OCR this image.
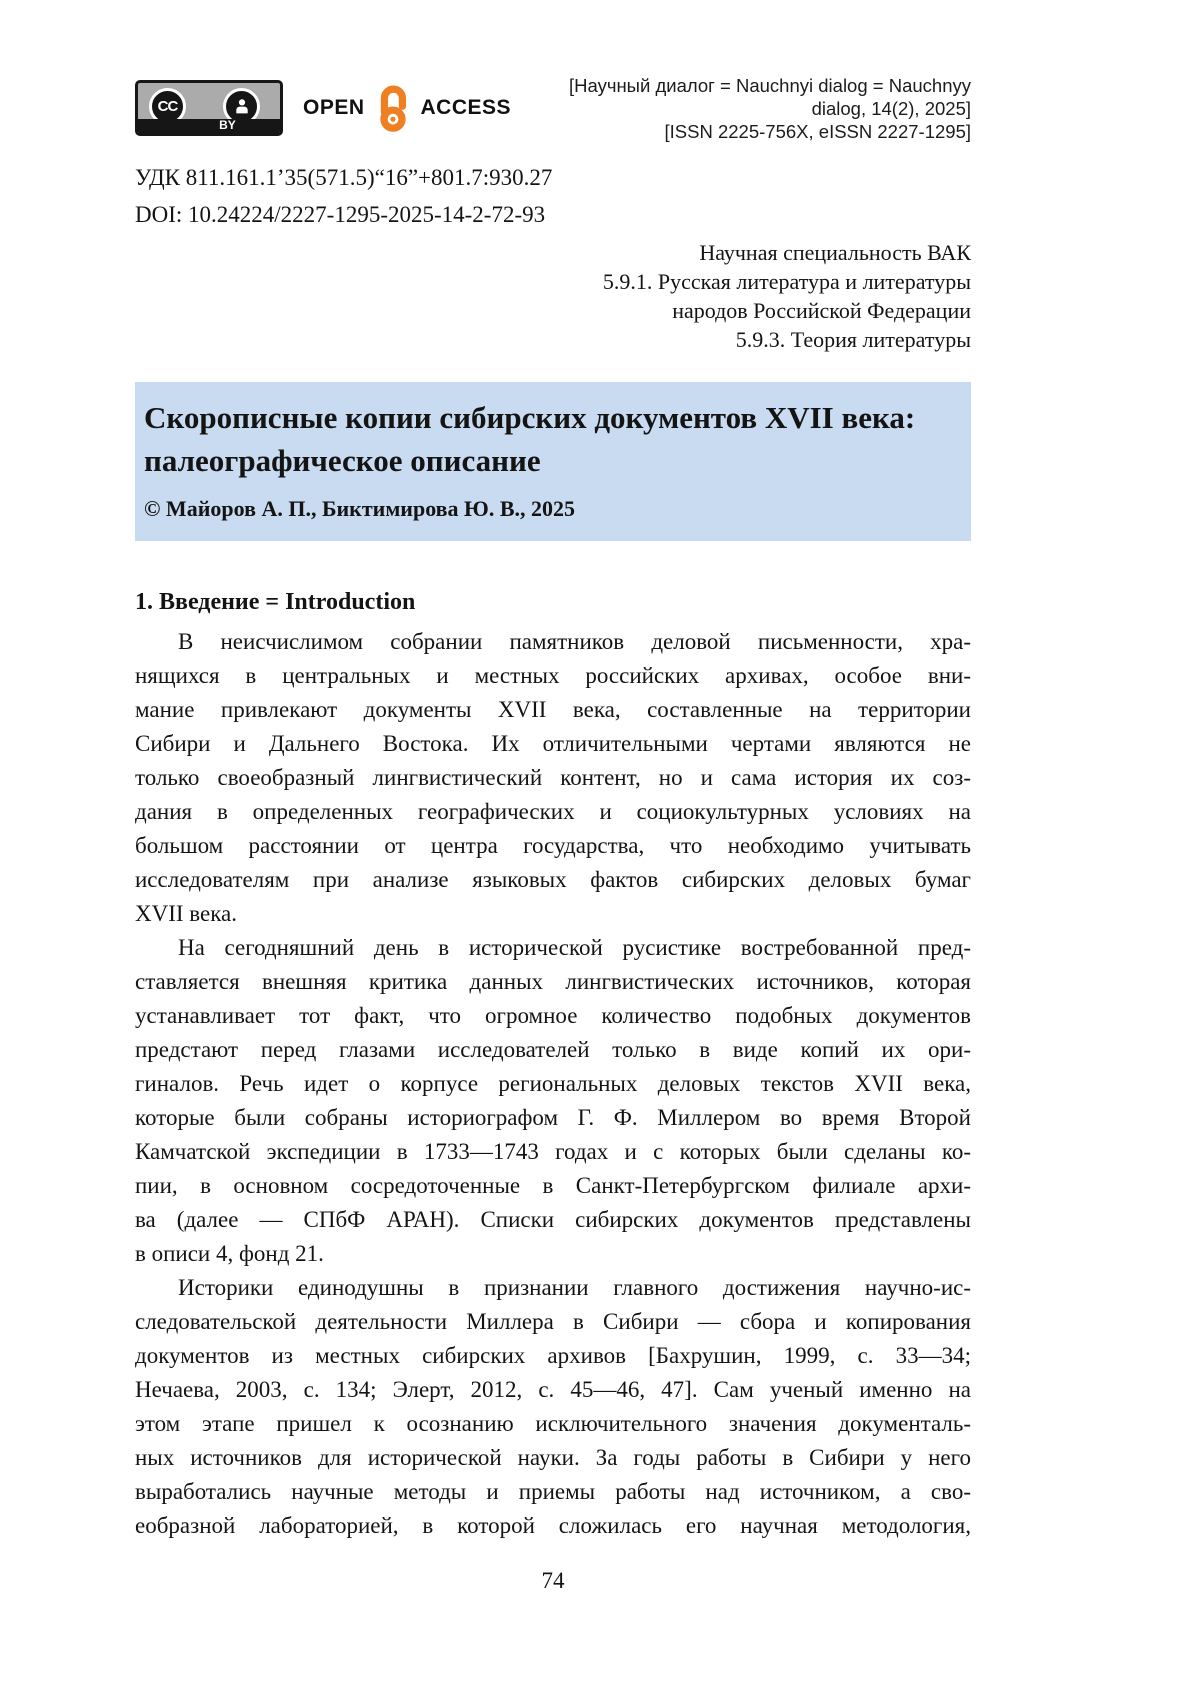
CC
BY
OPEN	ACCESS
[Научный диалог = Nauchnyi dialog = Nauchnyy dialog, 14(2), 2025]
[ISSN 2225-756X, eISSN 2227-1295]
УДК 811.161.1’35(571.5)“16”+801.7:930.27
DOI: 10.24224/2227-1295-2025-14-2-72-93
Научная специальность ВАК
5.9.1. Русская литература и литературы
народов Российской Федерации
5.9.3. Теория литературы
Скорописные копии сибирских документов XVII века:
палеографическое описание
© Майоров А. П., Биктимирова Ю. В., 2025
1. Введение = Introduction
В неисчислимом собрании памятников деловой письменности, хра-
нящихся в центральных и местных российских архивах, особое вни-
мание привлекают документы XVII века, составленные на территории
Сибири и Дальнего Востока. Их отличительными чертами являются не
только своеобразный лингвистический контент, но и сама история их соз-
дания в определенных географических и социокультурных условиях на
большом расстоянии от центра государства, что необходимо учитывать
исследователям при анализе языковых фактов сибирских деловых бумаг
XVII века.
На сегодняшний день в исторической русистике востребованной пред-
ставляется внешняя критика данных лингвистических источников, которая
устанавливает тот факт, что огромное количество подобных документов
предстают перед глазами исследователей только в виде копий их ори-
гиналов. Речь идет о корпусе региональных деловых текстов XVII века,
которые были собраны историографом Г. Ф. Миллером во время Второй
Камчатской экспедиции в 1733—1743 годах и с которых были сделаны ко-
пии, в основном сосредоточенные в Санкт-Петербургском филиале архи-
ва (далее — СПбФ АРАН). Списки сибирских документов представлены
в описи 4, фонд 21.
Историки единодушны в признании главного достижения научно-ис-
следовательской деятельности Миллера в Сибири — сбора и копирования
документов из местных сибирских архивов [Бахрушин, 1999, с. 33—34;
Нечаева, 2003, с. 134; Элерт, 2012, с. 45—46, 47]. Сам ученый именно на
этом этапе пришел к осознанию исключительного значения документаль-
ных источников для исторической науки. За годы работы в Сибири у него
выработались научные методы и приемы работы над источником, а сво-
еобразной лабораторией, в которой сложилась его научная методология,
74
